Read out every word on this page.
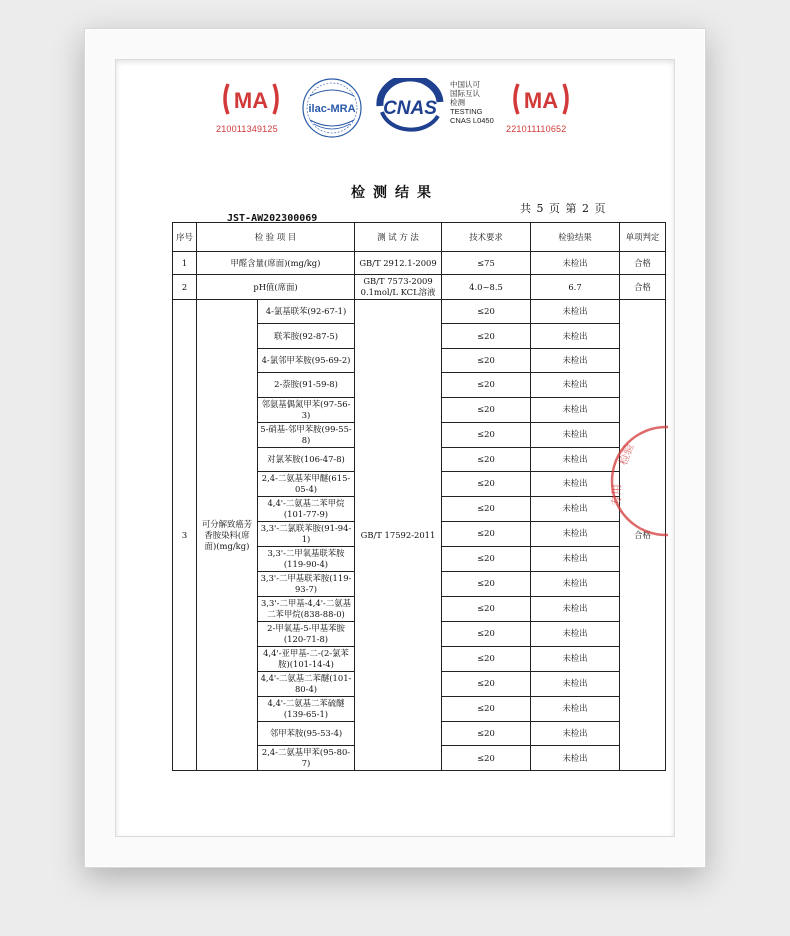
MA
210011349125
ilac-MRA CNAS
中国认可
国际互认
检测
TESTING
CNAS L0450
MA
221011110652
检测结果
共 5 页 第 2 页
JST-AW202300069
序号	检 验 项 目		测 试 方 法	技术要求	检验结果	单项判定
1	甲醛含量(席面)(mg/kg)		GB/T 2912.1-2009	≤75	未检出	合格
2	pH值(席面)		GB/T 7573-2009 0.1mol/L KCL溶液	4.0~8.5	6.7	合格
3	可分解致癌芳香胺染料(席面)(mg/kg)	4-氯基联苯(92-67-1)	GB/T 17592-2011	≤20	未检出	合格
		联苯胺(92-87-5)		≤20	未检出	
		4-氯邻甲苯胺(95-69-2)		≤20	未检出	
		2-萘胺(91-59-8)		≤20	未检出	
		邻氨基偶氮甲苯(97-56-3)		≤20	未检出	
		5-硝基-邻甲苯胺(99-55-8)		≤20	未检出	
		对氯苯胺(106-47-8)		≤20	未检出	
		2,4-二氨基苯甲醚(615-05-4)		≤20	未检出	
		4,4'-二氨基二苯甲烷(101-77-9)		≤20	未检出	
		3,3'-二氯联苯胺(91-94-1)		≤20	未检出	
		3,3'-二甲氧基联苯胺(119-90-4)		≤20	未检出	
		3,3'-二甲基联苯胺(119-93-7)		≤20	未检出	
		3,3'-二甲基-4,4'-二氨基二苯甲烷(838-88-0)		≤20	未检出	
		2-甲氧基-5-甲基苯胺(120-71-8)		≤20	未检出	
		4,4'-亚甲基-二-(2-氯苯胺)(101-14-4)		≤20	未检出	
		4,4'-二氨基二苯醚(101-80-4)		≤20	未检出	
		4,4'-二氨基二苯硫醚(139-65-1)		≤20	未检出	
		邻甲苯胺(95-53-4)		≤20	未检出	
		2,4-二氨基甲苯(95-80-7)		≤20	未检出	
检验
专用
